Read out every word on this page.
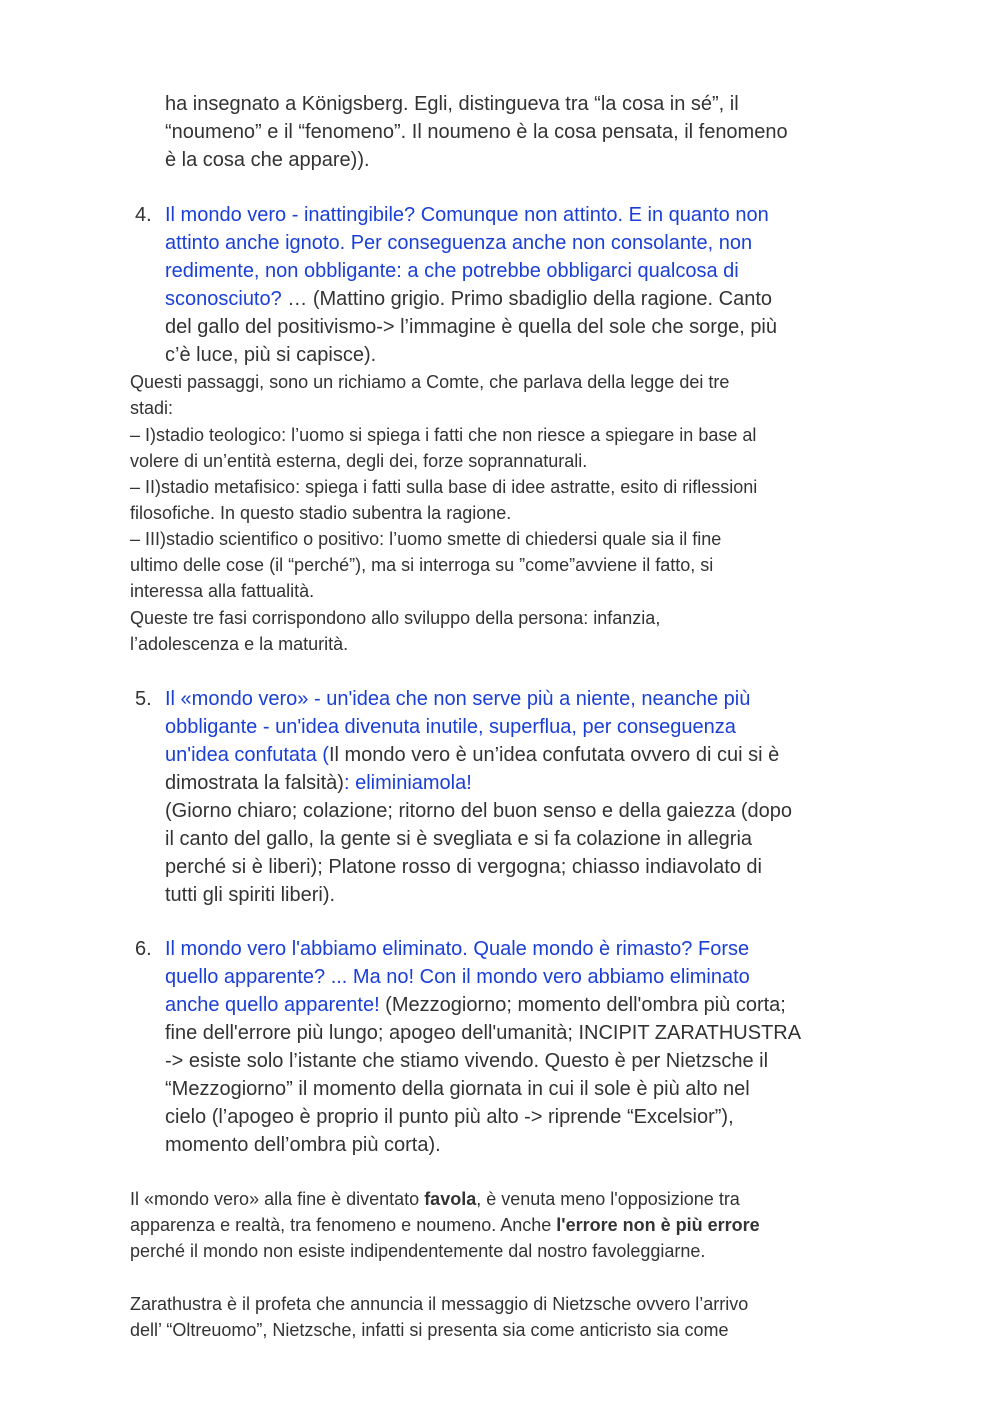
ha insegnato a Königsberg. Egli, distingueva tra “la cosa in sé”, il
“noumeno” e il “fenomeno”. Il noumeno è la cosa pensata, il fenomeno
è la cosa che appare)).
4. Il mondo vero - inattingibile? Comunque non attinto. E in quanto non
attinto anche ignoto. Per conseguenza anche non consolante, non
redimente, non obbligante: a che potrebbe obbligarci qualcosa di
sconosciuto? … (Mattino grigio. Primo sbadiglio della ragione. Canto
del gallo del positivismo-> l’immagine è quella del sole che sorge, più
c’è luce, più si capisce).
Questi passaggi, sono un richiamo a Comte, che parlava della legge dei tre
stadi:
– I)stadio teologico: l’uomo si spiega i fatti che non riesce a spiegare in base al
volere di un’entità esterna, degli dei, forze soprannaturali.
– II)stadio metafisico: spiega i fatti sulla base di idee astratte, esito di riflessioni
filosofiche. In questo stadio subentra la ragione.
– III)stadio scientifico o positivo: l’uomo smette di chiedersi quale sia il fine
ultimo delle cose (il “perché”), ma si interroga su ”come”avviene il fatto, si
interessa alla fattualità.
Queste tre fasi corrispondono allo sviluppo della persona: infanzia,
l’adolescenza e la maturità.
5. Il «mondo vero» - un'idea che non serve più a niente, neanche più
obbligante - un'idea divenuta inutile, superflua, per conseguenza
un'idea confutata (Il mondo vero è un’idea confutata ovvero di cui si è
dimostrata la falsità): eliminiamola!
(Giorno chiaro; colazione; ritorno del buon senso e della gaiezza (dopo
il canto del gallo, la gente si è svegliata e si fa colazione in allegria
perché si è liberi); Platone rosso di vergogna; chiasso indiavolato di
tutti gli spiriti liberi).
6. Il mondo vero l'abbiamo eliminato. Quale mondo è rimasto? Forse
quello apparente? ... Ma no! Con il mondo vero abbiamo eliminato
anche quello apparente! (Mezzogiorno; momento dell'ombra più corta;
fine dell'errore più lungo; apogeo dell'umanità; INCIPIT ZARATHUSTRA
-> esiste solo l’istante che stiamo vivendo. Questo è per Nietzsche il
“Mezzogiorno” il momento della giornata in cui il sole è più alto nel
cielo (l’apogeo è proprio il punto più alto -> riprende “Excelsior”),
momento dell’ombra più corta).
Il «mondo vero» alla fine è diventato favola, è venuta meno l'opposizione tra
apparenza e realtà, tra fenomeno e noumeno. Anche l'errore non è più errore
perché il mondo non esiste indipendentemente dal nostro favoleggiarne.
Zarathustra è il profeta che annuncia il messaggio di Nietzsche ovvero l’arrivo
dell’ “Oltreuomo”, Nietzsche, infatti si presenta sia come anticristo sia come
